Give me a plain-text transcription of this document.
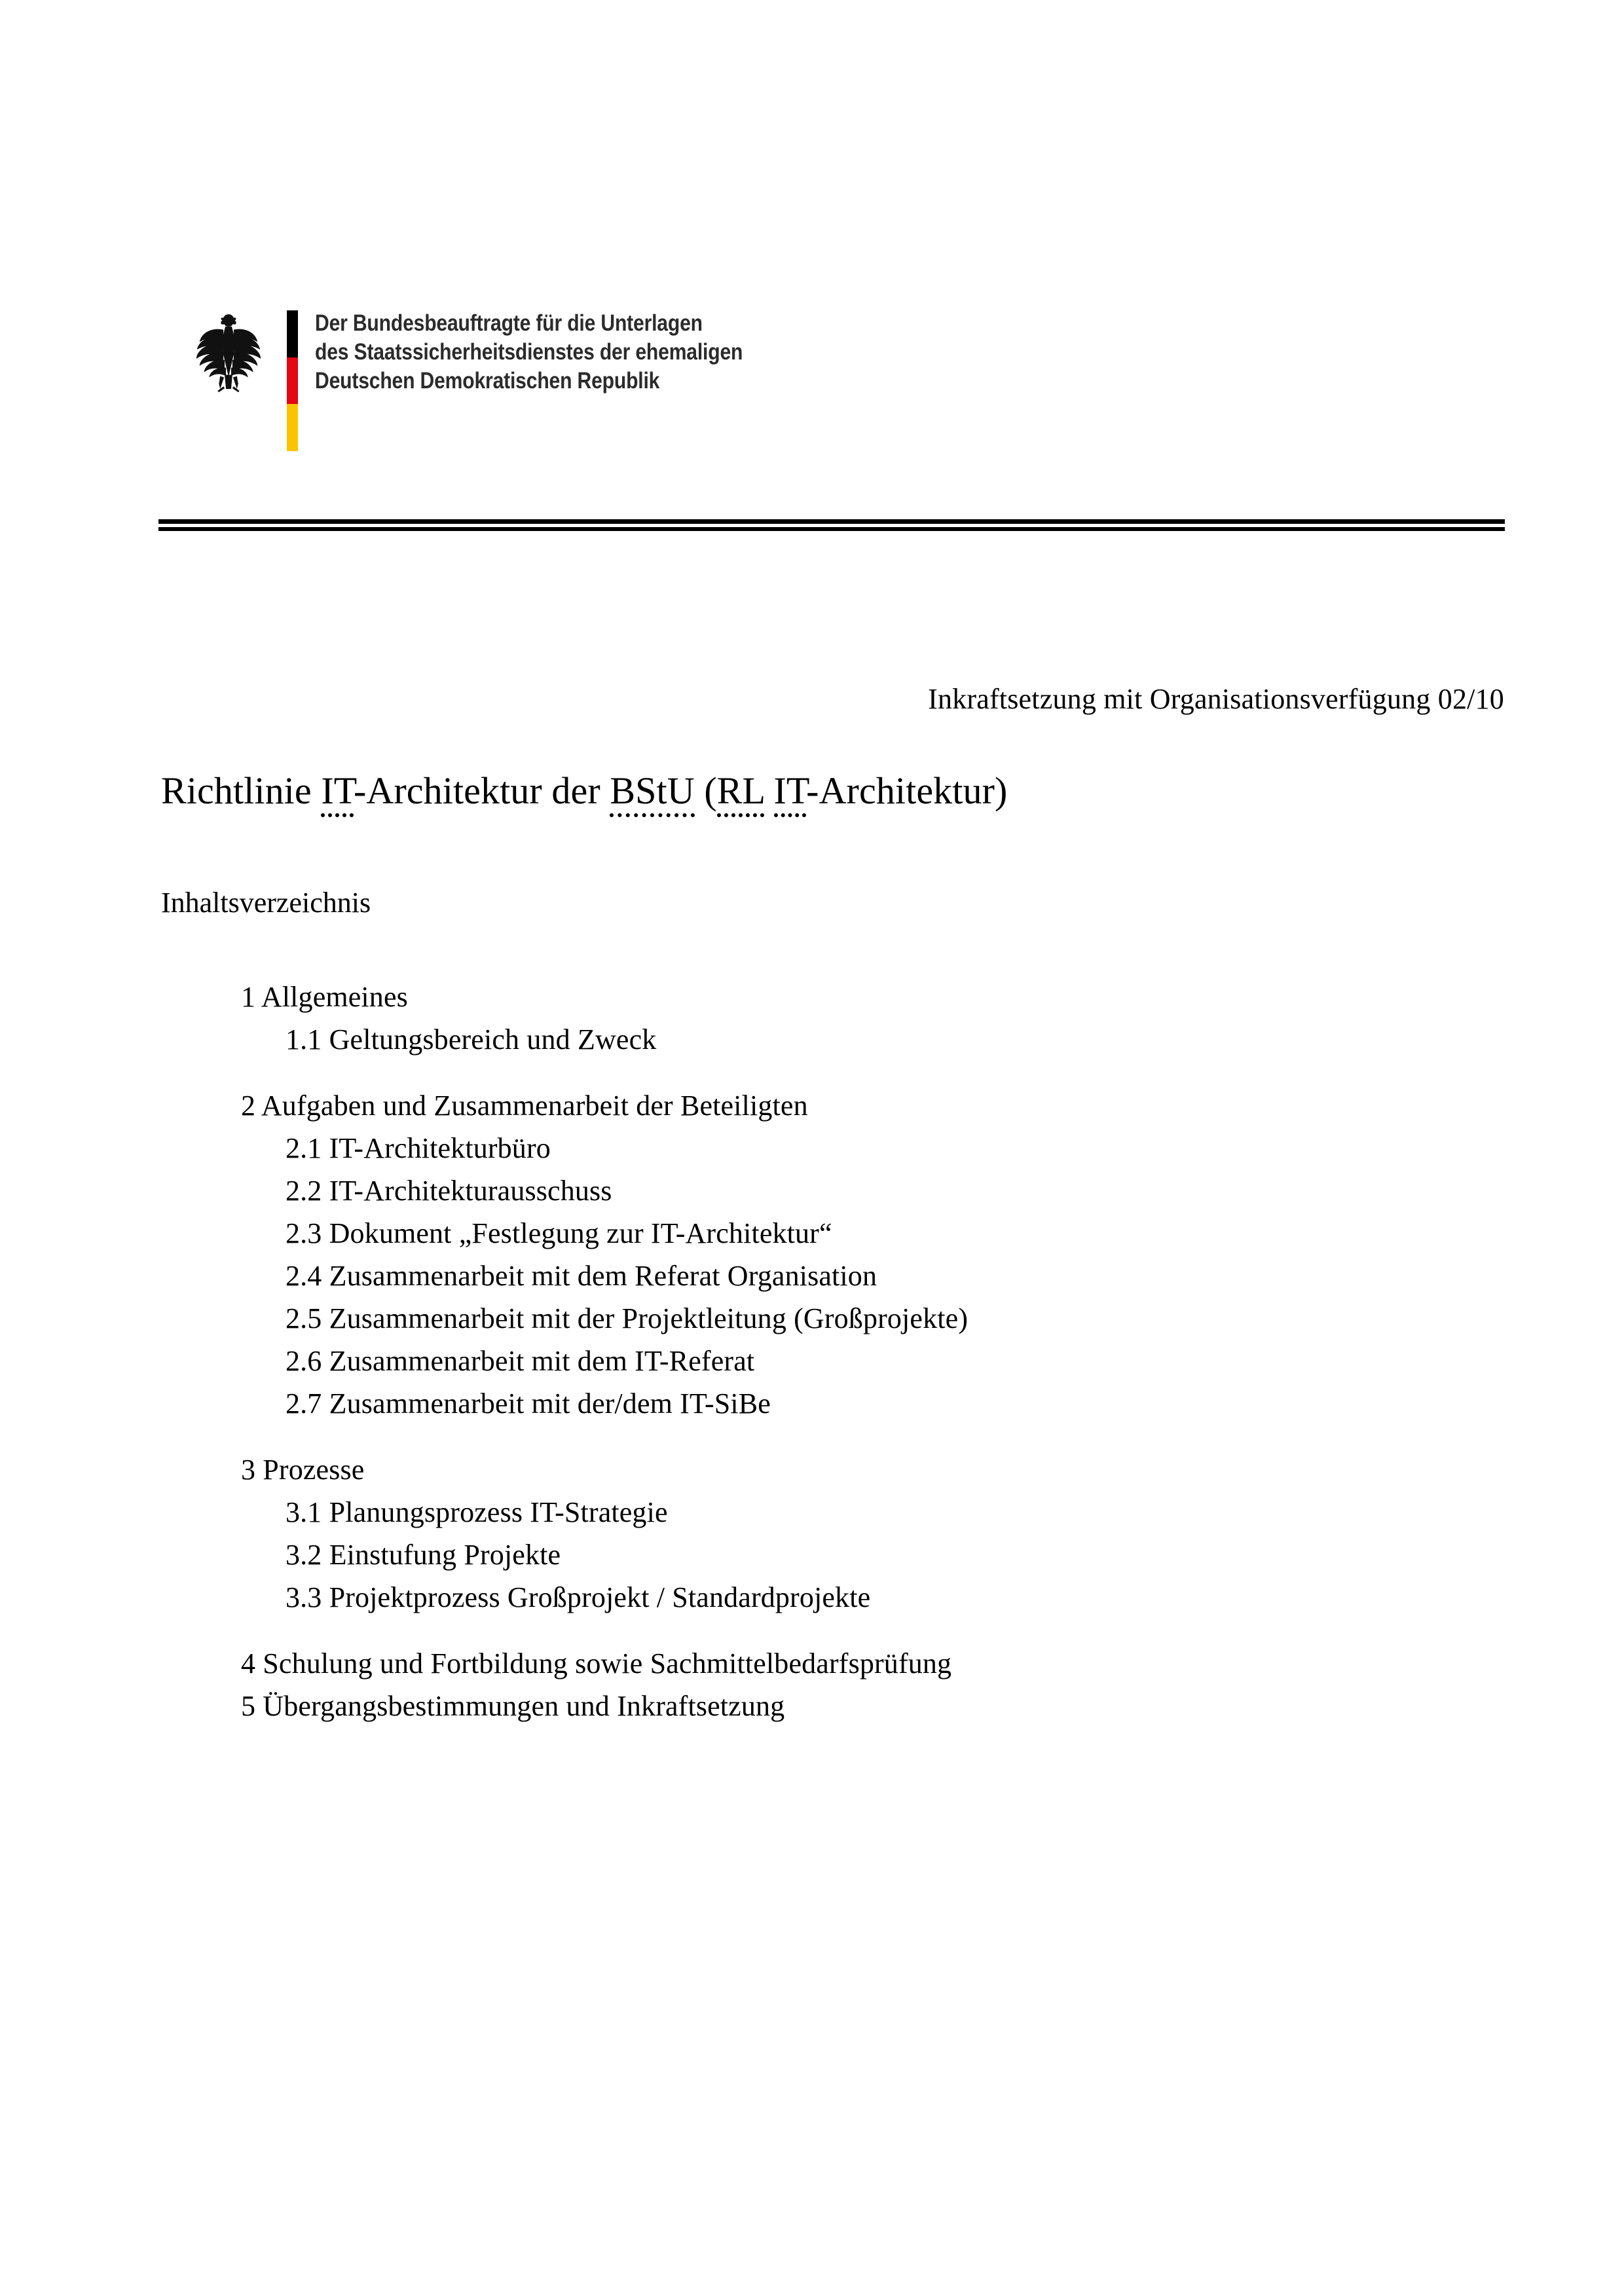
Der Bundesbeauftragte für die Unterlagen
des Staatssicherheitsdienstes der ehemaligen
Deutschen Demokratischen Republik
Inkraftsetzung mit Organisationsverfügung 02/10
Richtlinie IT-Architektur der BStU (RL IT-Architektur)
Inhaltsverzeichnis
1 Allgemeines
1.1 Geltungsbereich und Zweck
2 Aufgaben und Zusammenarbeit der Beteiligten
2.1 IT-Architekturbüro
2.2 IT-Architekturausschuss
2.3 Dokument „Festlegung zur IT-Architektur“
2.4 Zusammenarbeit mit dem Referat Organisation
2.5 Zusammenarbeit mit der Projektleitung (Großprojekte)
2.6 Zusammenarbeit mit dem IT-Referat
2.7 Zusammenarbeit mit der/dem IT-SiBe
3 Prozesse
3.1 Planungsprozess IT-Strategie
3.2 Einstufung Projekte
3.3 Projektprozess Großprojekt / Standardprojekte
4 Schulung und Fortbildung sowie Sachmittelbedarfsprüfung
5 Übergangsbestimmungen und Inkraftsetzung
